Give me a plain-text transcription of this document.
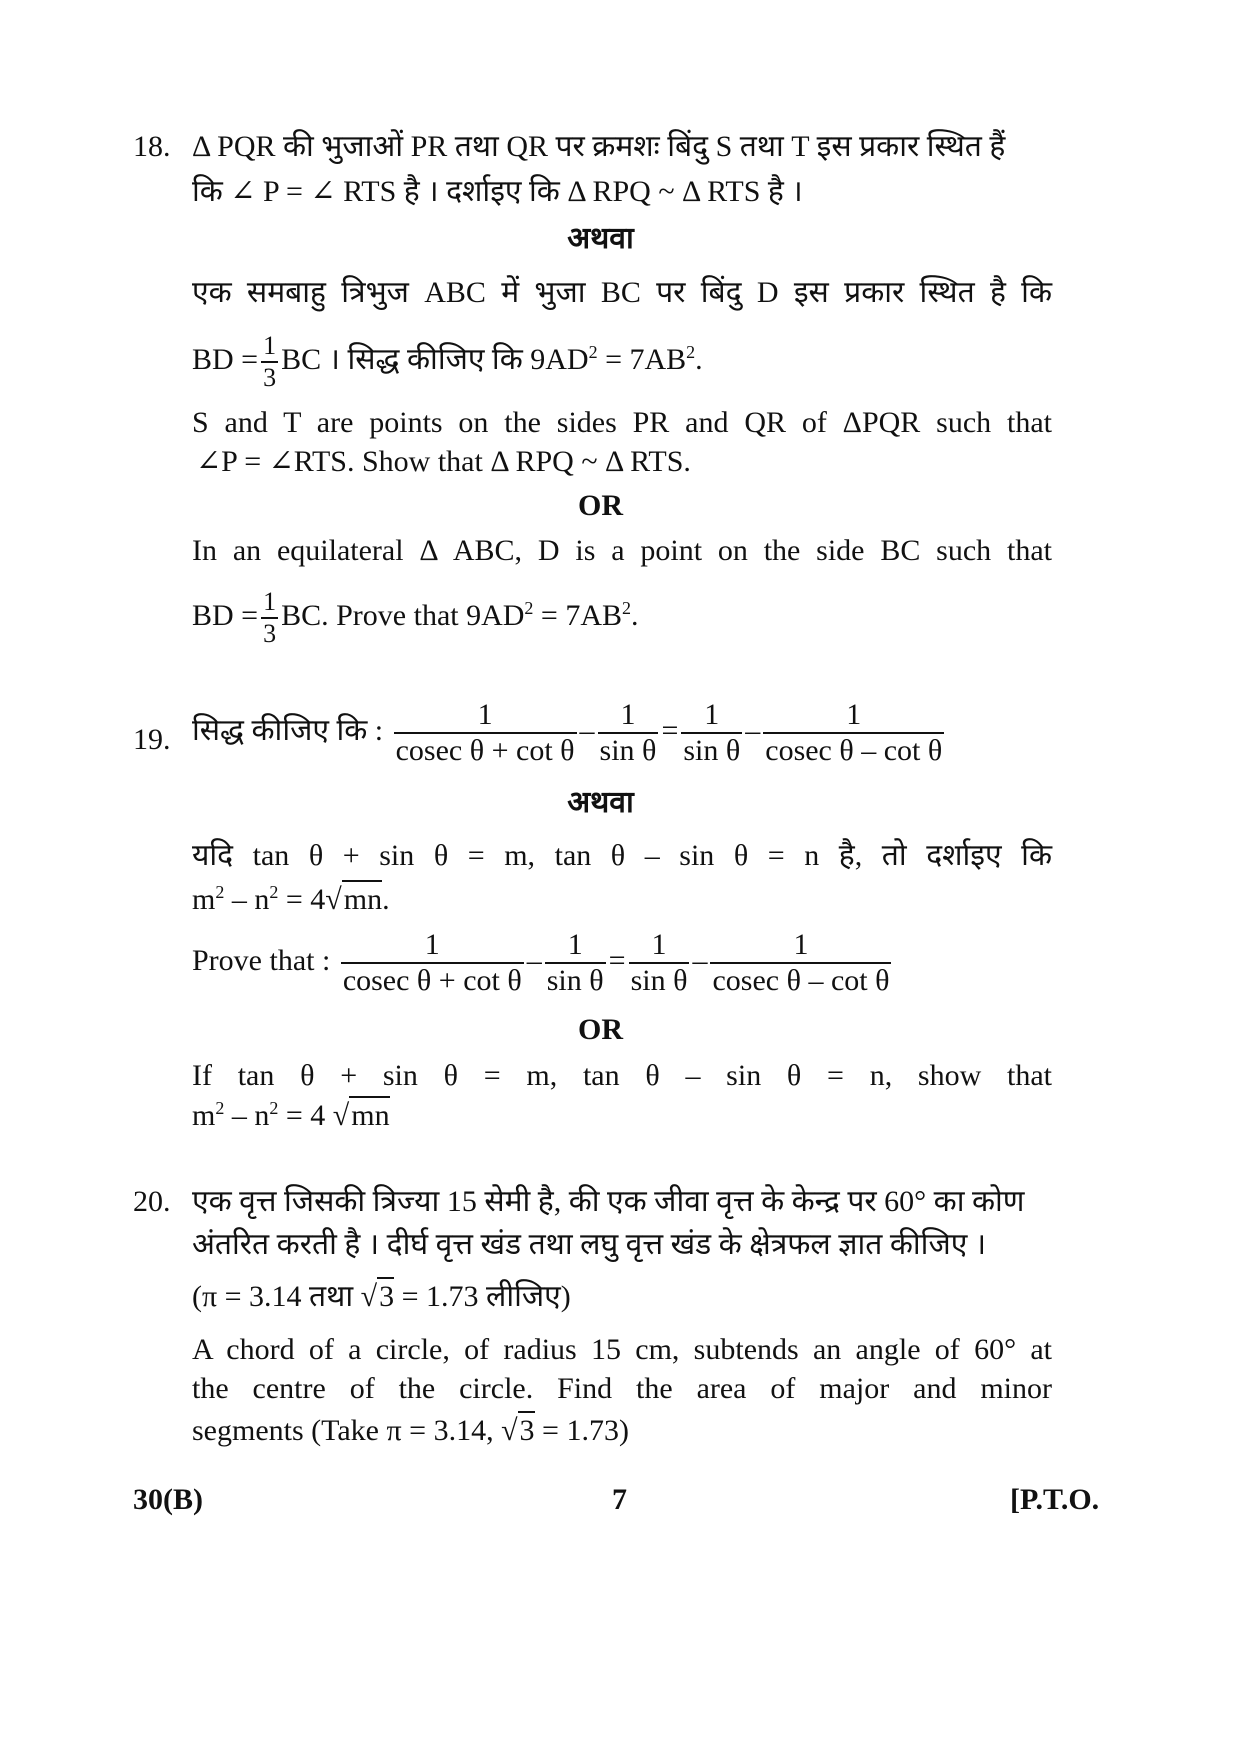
18. Δ PQR की भुजाओं PR तथा QR पर क्रमशः बिंदु S तथा T इस प्रकार स्थित हैं
कि ∠ P = ∠ RTS है । दर्शाइए कि Δ RPQ ~ Δ RTS है ।
अथवा
एक समबाहु त्रिभुज ABC में भुजा BC पर बिंदु D इस प्रकार स्थित है कि
BD = $\frac{1}{3}$ BC । सिद्ध कीजिए कि $9AD^2 = 7AB^2$.
S and T are points on the sides PR and QR of ΔPQR such that
∠P = ∠RTS. Show that Δ RPQ ~ Δ RTS.
OR
In an equilateral Δ ABC, D is a point on the side BC such that
BD = $\frac{1}{3}$ BC. Prove that $9AD^2 = 7AB^2$.
19. सिद्ध कीजिए कि : $\frac{1}{\text{cosec θ + cot θ}} - \frac{1}{\text{sin θ}} = \frac{1}{\text{sin θ}} - \frac{1}{\text{cosec θ – cot θ}}$
अथवा
यदि tan θ + sin θ = m, tan θ – sin θ = n है, तो दर्शाइए कि
$m^2 - n^2 = 4√mn$.
Prove that : $\frac{1}{\text{cosec θ + cot θ}} - \frac{1}{\text{sin θ}} = \frac{1}{\text{sin θ}} - \frac{1}{\text{cosec θ – cot θ}}$
OR
If tan θ + sin θ = m, tan θ – sin θ = n, show that
$m^2 - n^2 = 4$ √mn
20. एक वृत्त जिसकी त्रिज्या 15 सेमी है, की एक जीवा वृत्त के केन्द्र पर 60° का कोण
अंतरित करती है । दीर्घ वृत्त खंड तथा लघु वृत्त खंड के क्षेत्रफल ज्ञात कीजिए ।
(π = 3.14 तथा √3 = 1.73 लीजिए)
A chord of a circle, of radius 15 cm, subtends an angle of 60° at
the centre of the circle. Find the area of major and minor
segments (Take π = 3.14, √3 = 1.73)
30(B)	7	[P.T.O.
